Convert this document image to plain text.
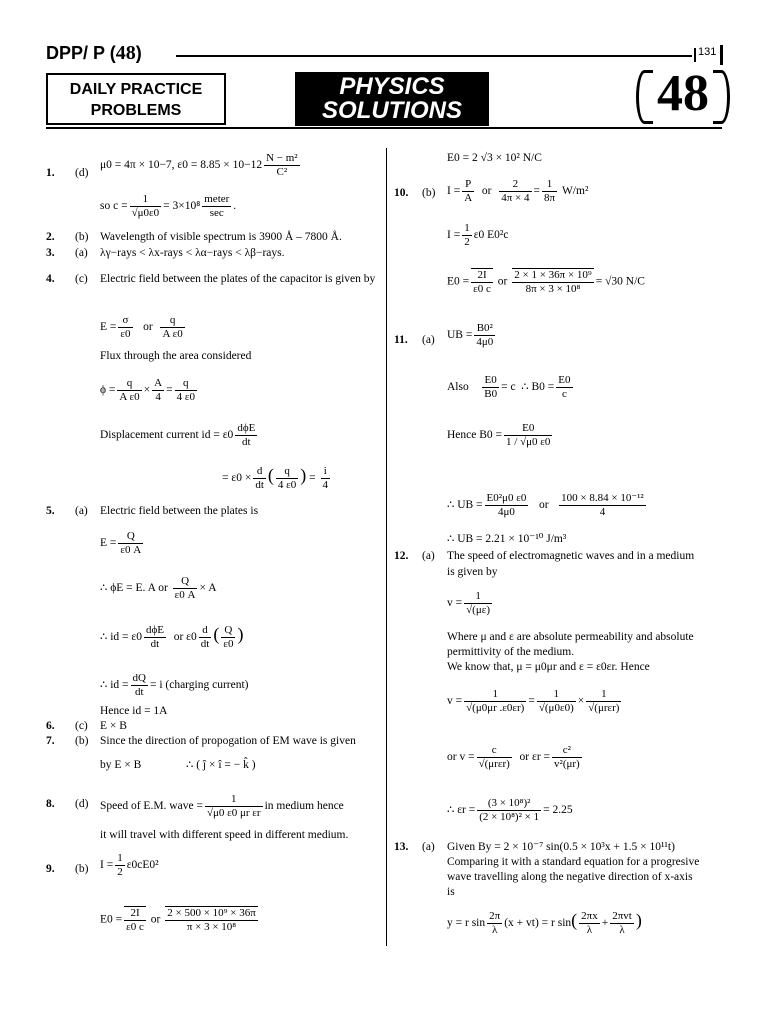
DPP/ P (48)	131
DAILY PRACTICE
PROBLEMS
PHYSICS
SOLUTIONS	48
1. (d)
μ0 = 4π × 10−7, $\varepsilon 0 = 8.85 \times 10-12 \frac{\text{N − m²}}{\text{C²}}$
so $c = \frac{1}{√\mu 0\varepsilon 0} = 3\times 10^8 \frac{\text{meter}}{\sec}$ .
2. (b) Wavelength of visible spectrum is 3900 Å – 7800 Å.
3. (a) λγ−rays < λx-rays < λα−rays < λβ−rays.
4. (c) Electric field between the plates of the capacitor is given by
$E = \frac{\sigma}{\varepsilon 0}$ or $\frac{q}{\text{A ε0}}$
Flux through the area considered
$\phi = \frac{q}{\text{A ε0}} \times \frac{A}{4} = \frac{q}{4 \varepsilon 0}$
Displacement current id = $\varepsilon 0 \frac{\text{dϕE}}{dt}$
= $\varepsilon 0 \times \frac{d}{dt}$ ( $\frac{q}{4 \varepsilon 0}$ ) = $\frac{i}{4}$
5. (a) Electric field between the plates is
$E = \frac{Q}{\varepsilon 0 A}$
∴ ϕE = E. A or $\frac{Q}{\varepsilon 0 A} \times A$
∴ id = $\varepsilon 0 \frac{\text{dϕE}}{dt}$ or $\varepsilon 0 \frac{d}{dt}$ ( $\frac{Q}{\varepsilon 0}$ )
∴ id = $\frac{dQ}{dt} = i$ (charging current)
Hence id = 1A
6. (c) E × B
7. (b) Since the direction of propogation of EM wave is given
by E × B	∴ ( ĵ × î = − k̂ )
8. (d) Speed of E.M. wave = $\frac{1}{\text{√μ0 ε0 μr εr}}$ in medium hence
it will travel with different speed in different medium.
9. (b) $I = \frac{1}{2} \varepsilon 0cE0^2$
$E0 = \frac{2I}{\varepsilon 0 c}$ or $\frac{\text{2 × 500 × 10⁹ × 36π}}{\text{π × 3 × 10⁸}}$
E0 = 2 √3 × 10² N/C
10. (b) $I = \frac{P}{A}$ or $\frac{2}{4\pi \times 4} = \frac{1}{8\pi} W/m^2$
$I = \frac{1}{2} \varepsilon 0$ E0²c
$E0 = \frac{2I}{\varepsilon 0 c}$ or $\frac{\text{2 × 1 × 36π × 10⁹}}{\text{8π × 3 × 10⁸}} = √30$ N/C
11. (a) UB = $\frac{\text{B0²}}{4\mu 0}$
Also $\frac{E0}{B0} = c$ ∴ $B0 = \frac{E0}{c}$
Hence $B0 = \frac{E0}{1 / √\mu 0 \varepsilon 0}$
∴ UB = $\frac{\text{E0²μ0 ε0}}{4\mu 0}$ or $\frac{\text{100 × 8.84 × 10⁻¹²}}{4}$
∴ UB = 2.21 × 10⁻¹⁰ J/m³
12. (a) The speed of electromagnetic waves and in a medium
is given by
$v = \frac{1}{√(\mu\varepsilon)}$
Where μ and ε are absolute permeability and absolute
permittivity of the medium.
We know that, μ = μ0μr and ε = ε0εr. Hence
$v = \frac{1}{√(\mu 0\mu r .\varepsilon 0\varepsilon r)} = \frac{1}{√(\mu 0\varepsilon 0)} \times \frac{1}{\text{√(μrεr)}}$
or $v = \frac{c}{\text{√(μrεr)}}$ or $\varepsilon r = \frac{\text{c²}}{\text{v²(μr)}}$
∴ $\varepsilon r = \frac{\text{(3 × 10⁸)²}}{\text{(2 × 10⁸)² × 1}} = 2.25$
13. (a) Given By = 2 × 10⁻⁷ sin(0.5 × 10³x + 1.5 × 10¹¹t)
Comparing it with a standard equation for a progresive
wave travelling along the negative direction of x-axis
is
y = r $\sin \frac{2\pi}{\lambda} (x + vt) = r$ $\sin( \frac{2\pi x}{\lambda} + \frac{\text{2πvt}}{\lambda}$ )
